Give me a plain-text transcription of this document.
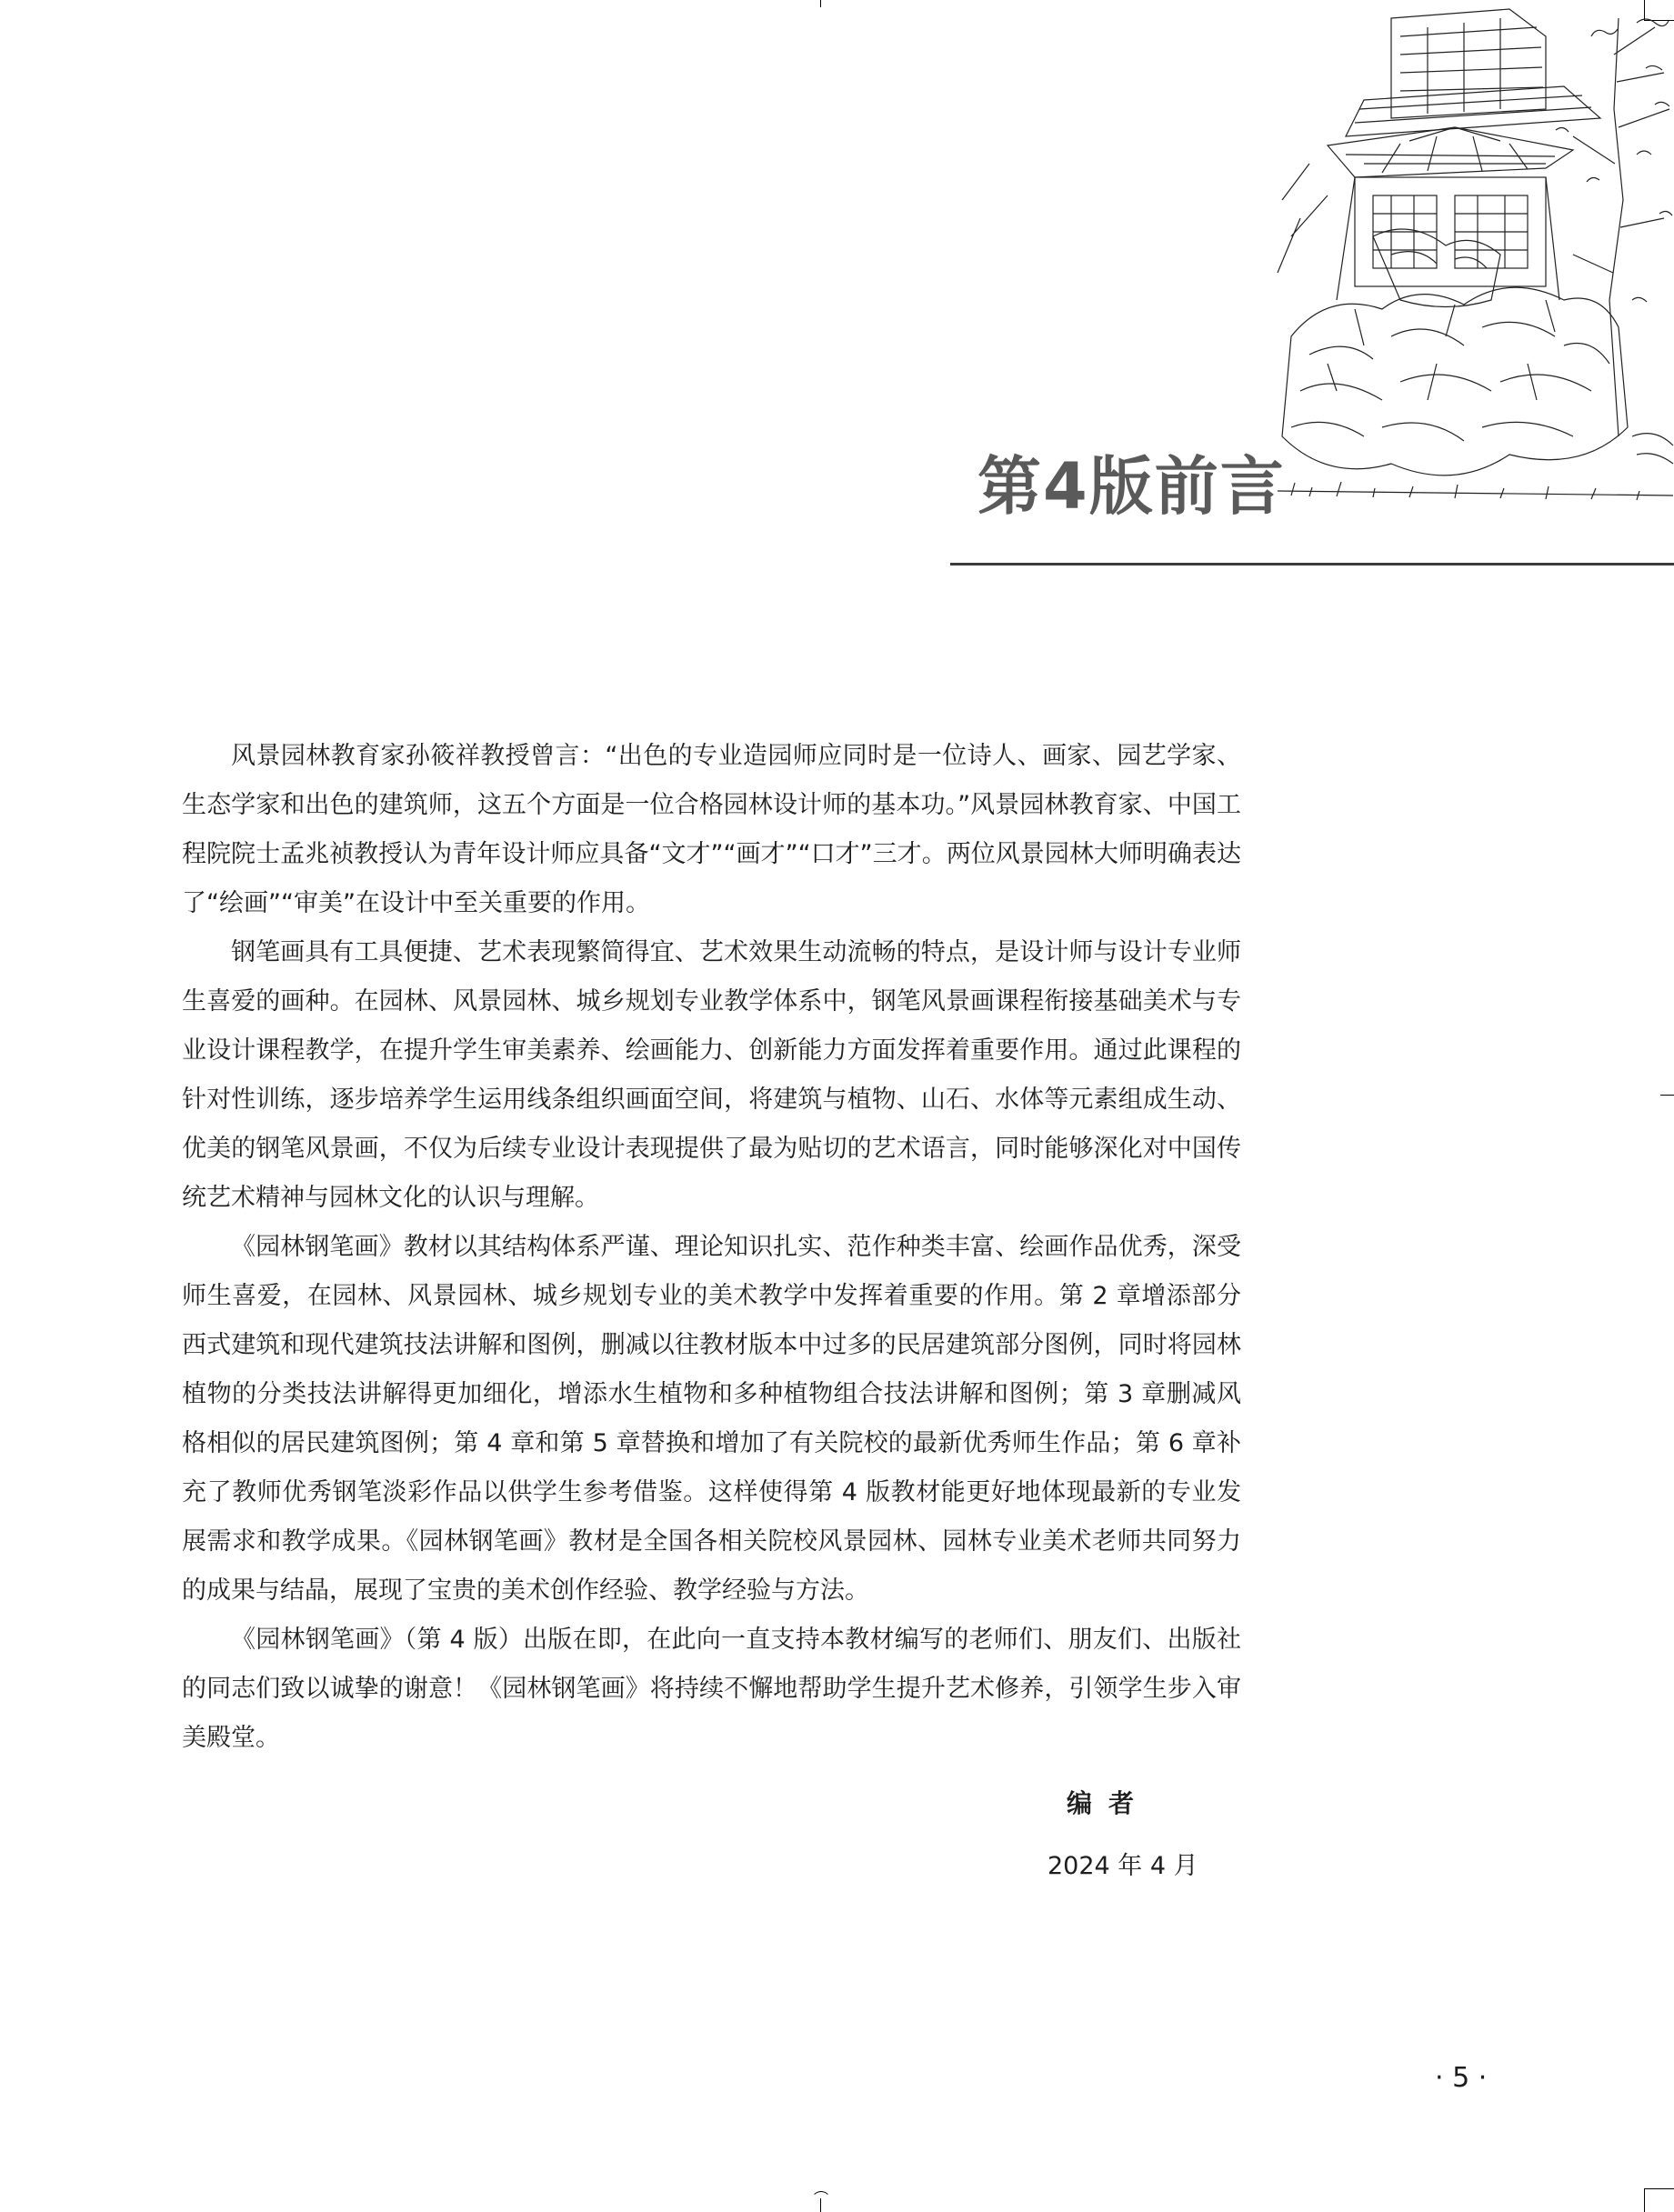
第4版前言

风景园林教育家孙筱祥教授曾言：“出色的专业造园师应同时是一位诗人、画家、园艺学家、生态学家和出色的建筑师，这五个方面是一位合格园林设计师的基本功。”风景园林教育家、中国工程院院士孟兆祯教授认为青年设计师应具备“文才”“画才”“口才”三才。两位风景园林大师明确表达了“绘画”“审美”在设计中至关重要的作用。

钢笔画具有工具便捷、艺术表现繁简得宜、艺术效果生动流畅的特点，是设计师与设计专业师生喜爱的画种。在园林、风景园林、城乡规划专业教学体系中，钢笔风景画课程衔接基础美术与专业设计课程教学，在提升学生审美素养、绘画能力、创新能力方面发挥着重要作用。通过此课程的针对性训练，逐步培养学生运用线条组织画面空间，将建筑与植物、山石、水体等元素组成生动、优美的钢笔风景画，不仅为后续专业设计表现提供了最为贴切的艺术语言，同时能够深化对中国传统艺术精神与园林文化的认识与理解。

《园林钢笔画》教材以其结构体系严谨、理论知识扎实、范作种类丰富、绘画作品优秀，深受师生喜爱，在园林、风景园林、城乡规划专业的美术教学中发挥着重要的作用。第 2 章增添部分西式建筑和现代建筑技法讲解和图例，删减以往教材版本中过多的民居建筑部分图例，同时将园林植物的分类技法讲解得更加细化，增添水生植物和多种植物组合技法讲解和图例；第 3 章删减风格相似的居民建筑图例；第 4 章和第 5 章替换和增加了有关院校的最新优秀师生作品；第 6 章补充了教师优秀钢笔淡彩作品以供学生参考借鉴。这样使得第 4 版教材能更好地体现最新的专业发展需求和教学成果。《园林钢笔画》教材是全国各相关院校风景园林、园林专业美术老师共同努力的成果与结晶，展现了宝贵的美术创作经验、教学经验与方法。

《园林钢笔画》（第 4 版）出版在即，在此向一直支持本教材编写的老师们、朋友们、出版社的同志们致以诚挚的谢意！《园林钢笔画》将持续不懈地帮助学生提升艺术修养，引领学生步入审美殿堂。

编者
2024 年 4 月
· 5 ·
